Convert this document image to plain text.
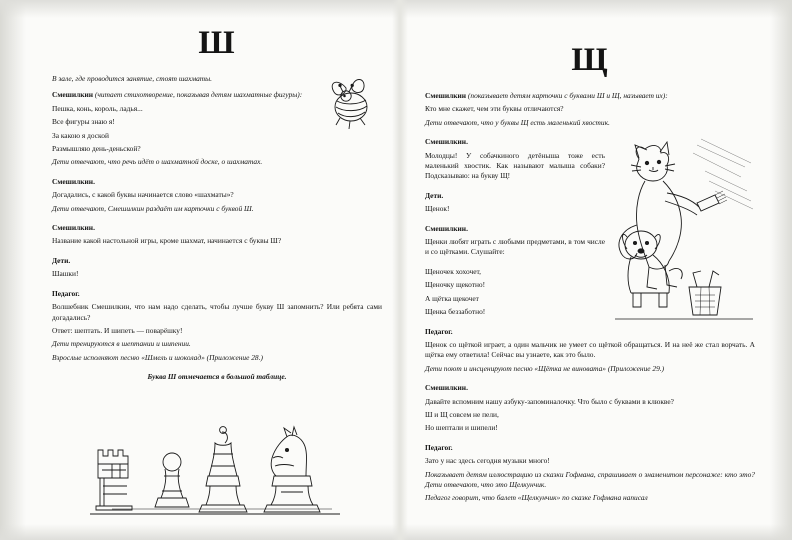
Ш

В зале, где проводится занятие, стоят шахматы.

Смешилкин (читает стихотворение, показывая детям шахматные фигуры):

Пешка, конь, король, ладья...

Все фигуры знаю я!

За какою я доской

Размышляю день-деньской?

Дети отвечают, что речь идёт о шахматной доске, о шахматах.

Смешилкин.

Догадались, с какой буквы начинается слово «шахматы»?

Дети отвечают, Смешилкин раздаёт им карточки с буквой Ш.

Смешилкин.

Название какой настольной игры, кроме шахмат, начинается с буквы Ш?

Дети.

Шашки!

Педагог.

Волшебник Смешилкин, что нам надо сделать, чтобы лучше букву Ш запомнить? Или ребята сами догадались?

Ответ: шептать. И шипеть — поварёшку!

Дети тренируются в шептании и шипении.

Взрослые исполняют песню «Шмель и шоколад» (Приложение 28.)

Буква Ш отмечается в большой таблице.

Щ

Смешилкин (показывает детям карточки с буквами Ш и Щ, называет их):

Кто мне скажет, чем эти буквы отличаются?

Дети отвечают, что у буквы Щ есть маленький хвостик.

Смешилкин.

Молодцы! У собачкиного детёныша тоже есть маленький хвостик. Как называют малыша собаки? Подсказываю: на букву Щ!

Дети.

Щенок!

Смешилкин.

Щенки любят играть с любыми предметами, в том числе и со щётками. Слушайте:

Щеночек хохочет,

Щеночку щекотно!

А щётка щекочет

Щенка беззаботно!

Педагог.

Щенок со щёткой играет, а один мальчик не умеет со щёткой обращаться. И на неё же стал ворчать. А щётка ему ответила! Сейчас вы узнаете, как это было.

Дети поют и инсценируют песню «Щётка не виновата» (Приложение 29.)

Смешилкин.

Давайте вспомним нашу азбуку-запоминалочку. Что было с буквами в клюкве?

Ш и Щ совсем не пели,

Но шептали и шипели!

Педагог.

Зато у нас здесь сегодня музыки много!

Показывает детям иллюстрацию из сказки Гофмана, спрашивает о знаменитом персонаже: кто это? Дети отвечают, что это Щелкунчик.

Педагог говорит, что балет «Щелкунчик» по сказке Гофмана написал
